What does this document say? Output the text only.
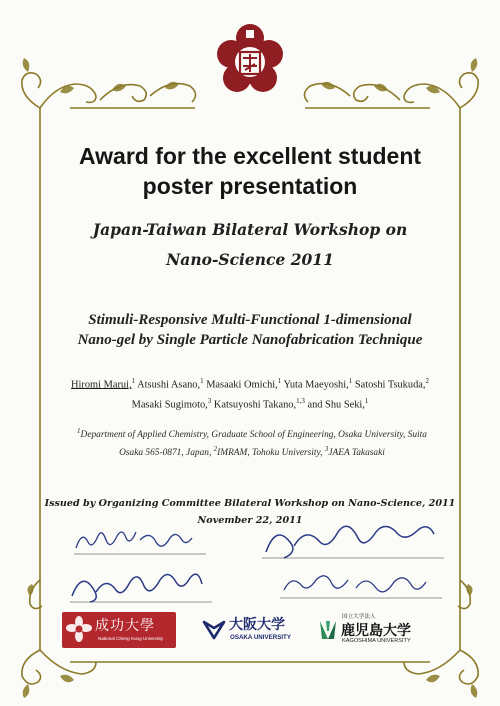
Award for the excellent student
poster presentation
Japan-Taiwan Bilateral Workshop on
Nano-Science 2011
Stimuli-Responsive Multi-Functional 1-dimensional
Nano-gel by Single Particle Nanofabrication Technique
Hiromi Marui,$^1$ Atsushi Asano,$^1$ Masaaki Omichi,$^1$ Yuta Maeyoshi,$^1$ Satoshi Tsukuda,$^2$
Masaki Sugimoto,$^3$ Katsuyoshi Takano,$^{1,3}$ and Shu Seki,$^1$
$^1$Department of Applied Chemistry, Graduate School of Engineering, Osaka University, Suita
Osaka 565-0871, Japan, $^2$IMRAM, Tohoku University, $^3$JAEA Takasaki
Issued by Organizing Committee Bilateral Workshop on Nano-Science, 2011
November 22, 2011
成功大學
National Cheng Kung University
大阪大学
OSAKA UNIVERSITY
国立大学法人
鹿児島大学
KAGOSHIMA UNIVERSITY
